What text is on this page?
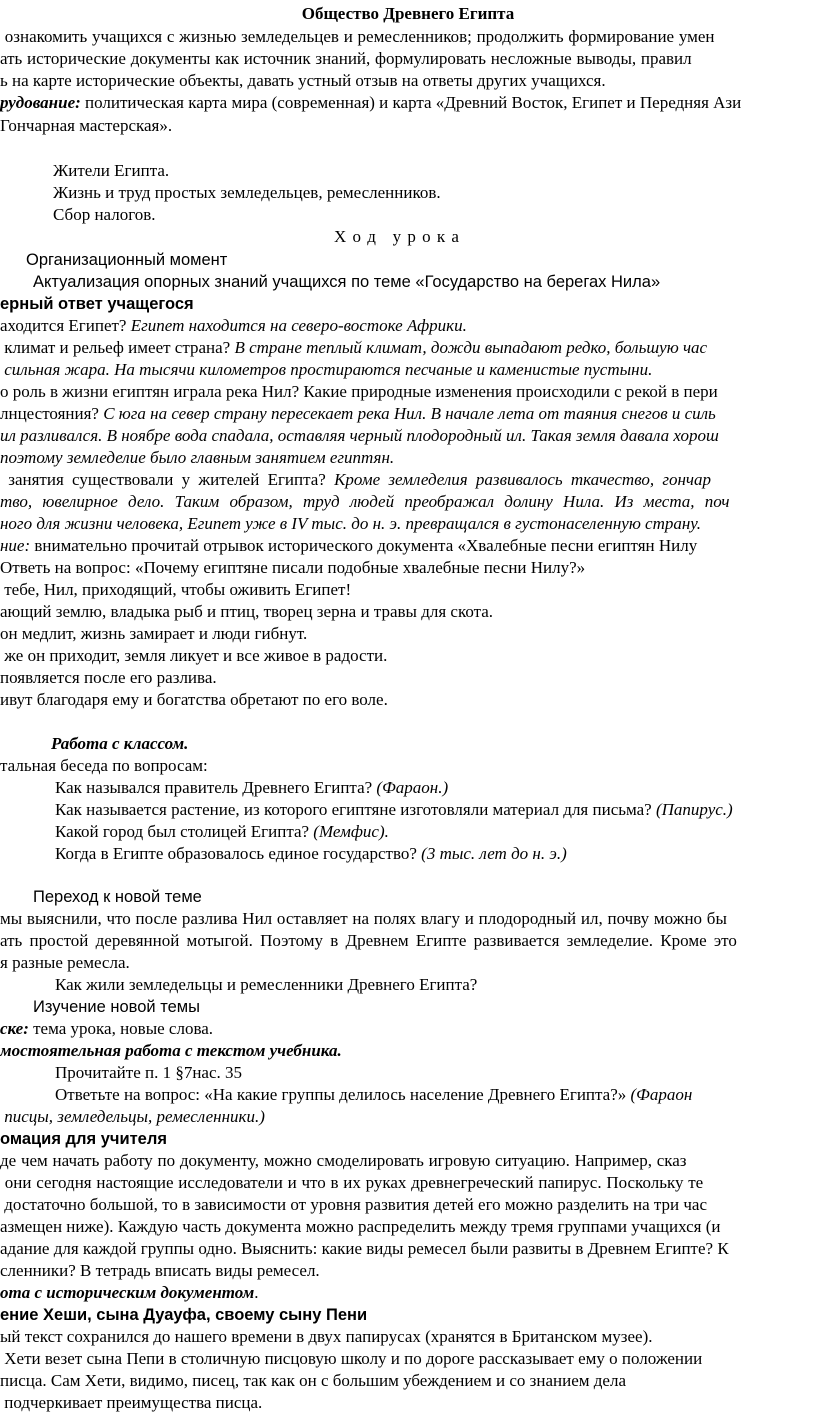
Общество Древнего Египта
ознакомить учащихся с жизнью земледельцев и ремесленников; продолжить формирование умен
ать исторические документы как источник знаний, формулировать несложные выводы, правил
ь на карте исторические объекты, давать устный отзыв на ответы других учащихся.
рудование: политическая карта мира (современная) и карта «Древний Восток, Египет и Передняя Ази
Гончарная мастерская».
Жители Египта.
Жизнь и труд простых земледельцев, ремесленников.
Сбор налогов.
Х о д   у р о к а
Организационный момент
Актуализация опорных знаний учащихся по теме «Государство на берегах Нила»
ерный ответ учащегося
аходится Египет? Египет находится на северо-востоке Африки.
климат и рельеф имеет страна? В стране теплый климат, дожди выпадают редко, большую час
сильная жара. На тысячи километров простираются песчаные и каменистые пустыни.
о роль в жизни египтян играла река Нил? Какие природные изменения происходили с рекой в пери
лнцестояния? С юга на север страну пересекает река Нил. В начале лета от таяния снегов и силь
ил разливался. В ноябре вода спадала, оставляя черный плодородный ил. Такая земля давала хорош
поэтому земледелие было главным занятием египтян.
занятия существовали у жителей Египта? Кроме земледелия развивалось ткачество, гончар
тво, ювелирное дело. Таким образом, труд людей преображал долину Нила. Из места, поч
ного для жизни человека, Египет уже в IV тыс. до н. э. превращался в густонаселенную страну.
ние: внимательно прочитай отрывок исторического документа «Хвалебные песни египтян Нилу
Ответь на вопрос: «Почему египтяне писали подобные хвалебные песни Нилу?»
тебе, Нил, приходящий, чтобы оживить Египет!
ающий землю, владыка рыб и птиц, творец зерна и травы для скота.
он медлит, жизнь замирает и люди гибнут.
же он приходит, земля ликует и все живое в радости.
появляется после его разлива.
ивут благодаря ему и богатства обретают по его воле.
Работа с классом.
тальная беседа по вопросам:
Как назывался правитель Древнего Египта? (Фараон.)
Как называется растение, из которого египтяне изготовляли материал для письма? (Папирус.)
Какой город был столицей Египта? (Мемфис).
Когда в Египте образовалось единое государство? (3 тыс. лет до н. э.)
Переход к новой теме
мы выяснили, что после разлива Нил оставляет на полях влагу и плодородный ил, почву можно бы
ать простой деревянной мотыгой. Поэтому в Древнем Египте развивается земледелие. Кроме это
я разные ремесла.
Как жили земледельцы и ремесленники Древнего Египта?
Изучение новой темы
ске: тема урока, новые слова.
мостоятельная работа с текстом учебника.
Прочитайте п. 1 §7нас. 35
Ответьте на вопрос: «На какие группы делилось население Древнего Египта?» (Фараон
писцы, земледельцы, ремесленники.)
омация для учителя
де чем начать работу по документу, можно смоделировать игровую ситуацию. Например, сказ
они сегодня настоящие исследователи и что в их руках древнегреческий папирус. Поскольку те
достаточно большой, то в зависимости от уровня развития детей его можно разделить на три час
азмещен ниже). Каждую часть документа можно распределить между тремя группами учащихся (и
адание для каждой группы одно. Выяснить: какие виды ремесел были развиты в Древнем Египте? К
сленники? В тетрадь вписать виды ремесел.
ота с историческим документом.
ение Хеши, сына Дуауфа, своему сыну Пени
ый текст сохранился до нашего времени в двух папирусах (хранятся в Британском музее).
Хети везет сына Пепи в столичную писцовую школу и по дороге рассказывает ему о положении
писца. Сам Хети, видимо, писец, так как он с большим убеждением и со знанием дела
подчеркивает преимущества писца.
